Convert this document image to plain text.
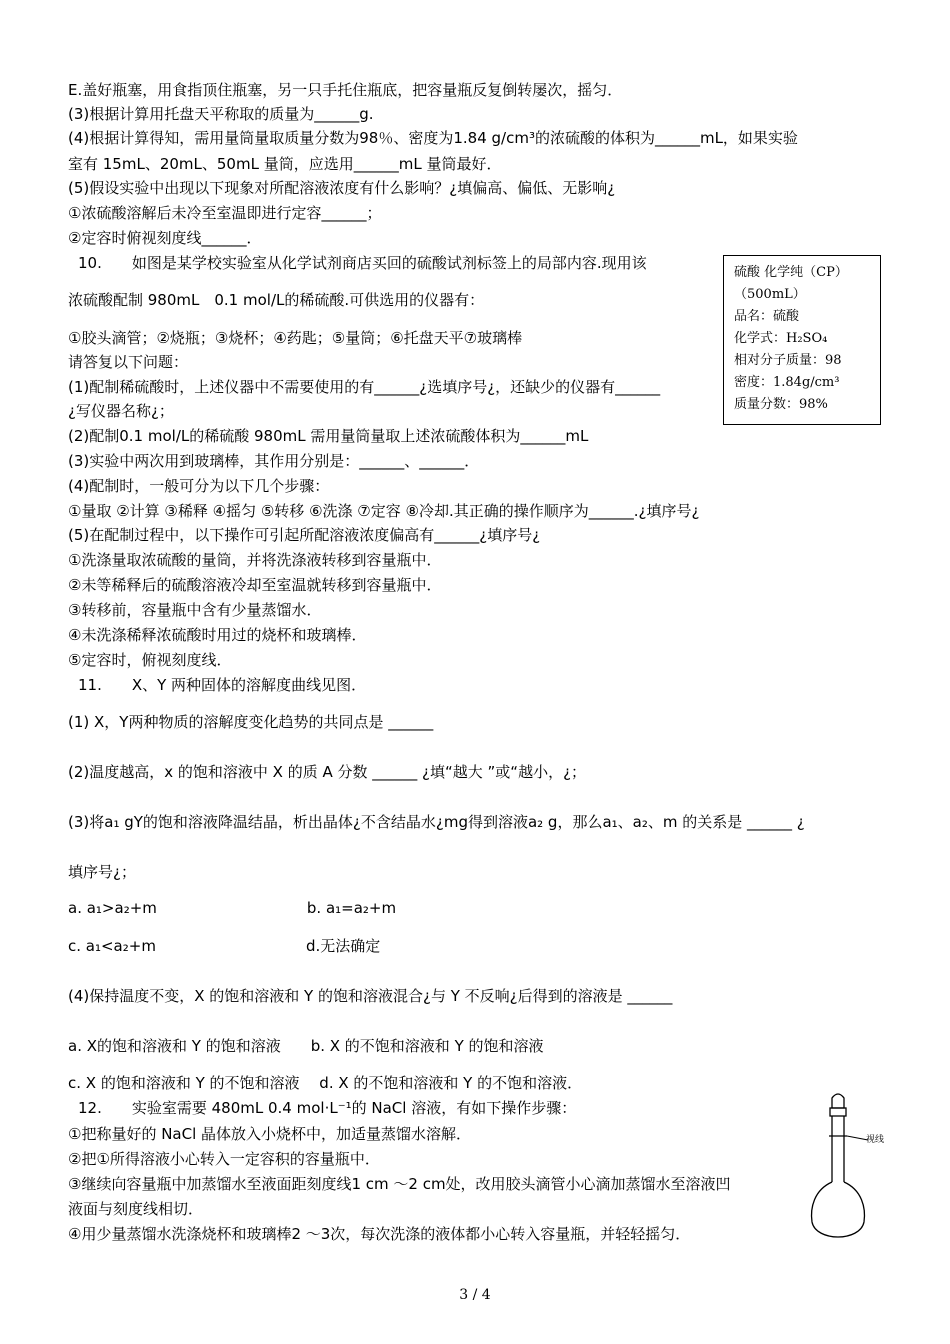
E.盖好瓶塞，用食指顶住瓶塞，另一只手托住瓶底，把容量瓶反复倒转屡次，摇匀．
(3)根据计算用托盘天平称取的质量为______g.
(4)根据计算得知，需用量筒量取质量分数为98％、密度为1.84 g/cm³的浓硫酸的体积为______mL，如果实验
室有 15mL、20mL、50mL 量筒，应选用______mL 量筒最好．
(5)假设实验中出现以下现象对所配溶液浓度有什么影响？¿填偏高、偏低、无影响¿
①浓硫酸溶解后未冷至室温即进行定容______；
②定容时俯视刻度线______．
10.　　如图是某学校实验室从化学试剂商店买回的硫酸试剂标签上的局部内容.现用该
浓硫酸配制 980mL　0.1 mol/L的稀硫酸.可供选用的仪器有：
①胶头滴管；②烧瓶；③烧杯；④药匙；⑤量筒；⑥托盘天平⑦玻璃棒
请答复以下问题：
(1)配制稀硫酸时，上述仪器中不需要使用的有______¿选填序号¿，还缺少的仪器有______
¿写仪器名称¿；
(2)配制0.1 mol/L的稀硫酸 980mL 需用量筒量取上述浓硫酸体积为______mL
(3)实验中两次用到玻璃棒，其作用分别是：______、______．
(4)配制时，一般可分为以下几个步骤：
①量取 ②计算 ③稀释 ④摇匀 ⑤转移 ⑥洗涤 ⑦定容 ⑧冷却.其正确的操作顺序为______.¿填序号¿
(5)在配制过程中，以下操作可引起所配溶液浓度偏高有______¿填序号¿
①洗涤量取浓硫酸的量筒，并将洗涤液转移到容量瓶中．
②未等稀释后的硫酸溶液冷却至室温就转移到容量瓶中．
③转移前，容量瓶中含有少量蒸馏水．
④未洗涤稀释浓硫酸时用过的烧杯和玻璃棒．
⑤定容时，俯视刻度线．
11.　　X、Y 两种固体的溶解度曲线见图．
(1) X，Y两种物质的溶解度变化趋势的共同点是 ______
(2)温度越高，x 的饱和溶液中 X 的质 A 分数 ______ ¿填“越大 ”或“越小，¿；
(3)将a₁ gY的饱和溶液降温结晶，析出晶体¿不含结晶水¿mg得到溶液a₂ g，那么a₁、a₂、m 的关系是 ______ ¿
填序号¿；
a. a₁>a₂+m　　　　　　　　　　b. a₁=a₂+m
c. a₁<a₂+m　　　　　　　　　　d.无法确定
(4)保持温度不变，X 的饱和溶液和 Y 的饱和溶液混合¿与 Y 不反响¿后得到的溶液是 ______
a. X的饱和溶液和 Y 的饱和溶液　　b. X 的不饱和溶液和 Y 的饱和溶液
c. X 的饱和溶液和 Y 的不饱和溶液　 d. X 的不饱和溶液和 Y 的不饱和溶液．
12.　　实验室需要 480mL 0.4 mol·L⁻¹的 NaCl 溶液，有如下操作步骤：
①把称量好的 NaCl 晶体放入小烧杯中，加适量蒸馏水溶解．
②把①所得溶液小心转入一定容积的容量瓶中．
③继续向容量瓶中加蒸馏水至液面距刻度线1 cm ～2 cm处，改用胶头滴管小心滴加蒸馏水至溶液凹
液面与刻度线相切．
④用少量蒸馏水洗涤烧杯和玻璃棒2 ～3次，每次洗涤的液体都小心转入容量瓶，并轻轻摇匀．
硫酸 化学纯（CP）
（500mL）
品名：硫酸
化学式：H₂SO₄
相对分子质量：98
密度：1.84g/cm³
质量分数：98%
视线
3 / 4
